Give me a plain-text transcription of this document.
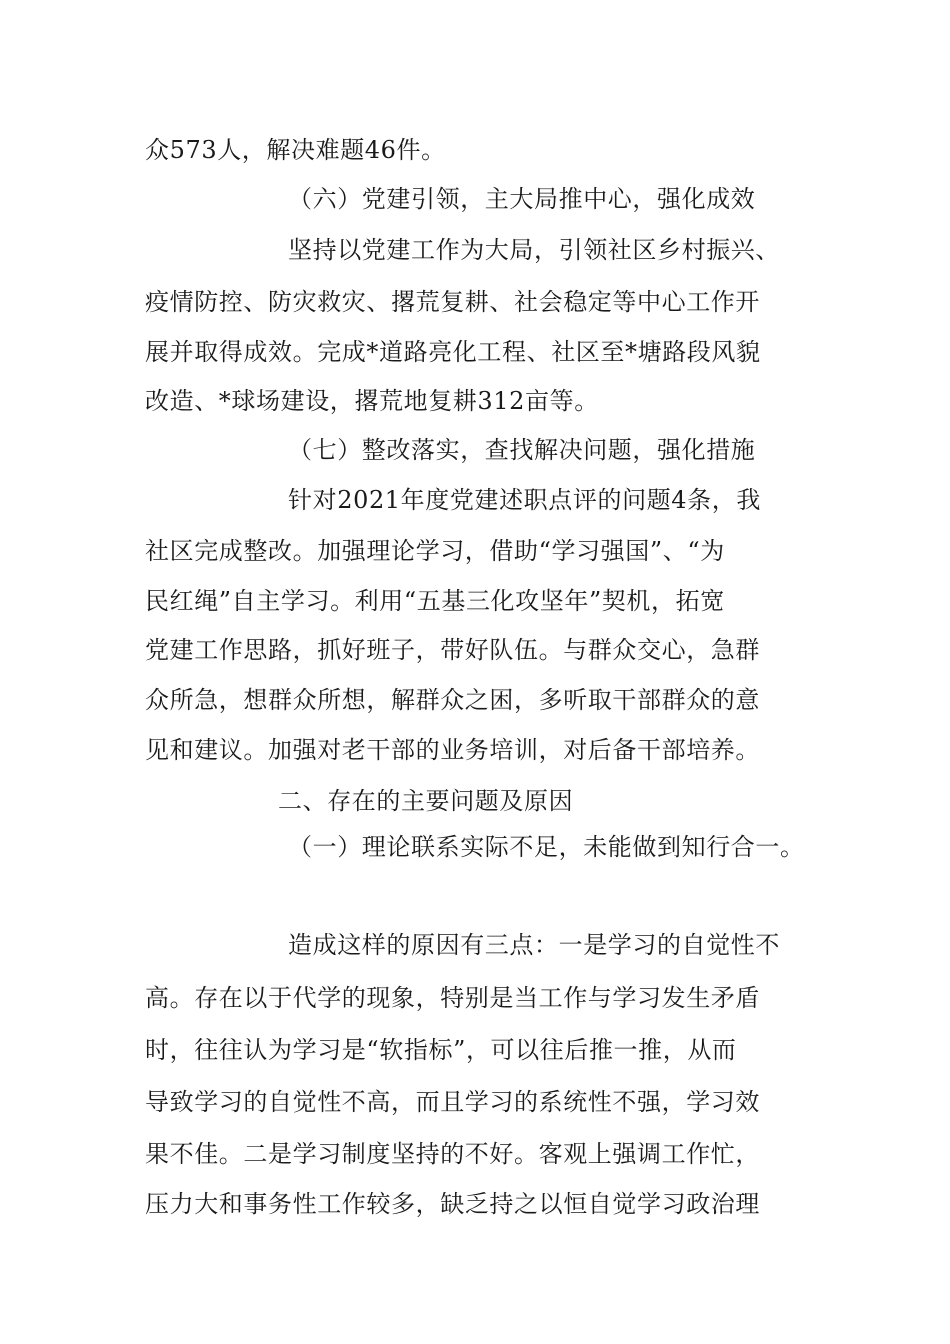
众573人，解决难题46件。
（六）党建引领，主大局推中心，强化成效
坚持以党建工作为大局，引领社区乡村振兴、
疫情防控、防灾救灾、撂荒复耕、社会稳定等中心工作开
展并取得成效。完成*道路亮化工程、社区至*塘路段风貌
改造、*球场建设，撂荒地复耕312亩等。
（七）整改落实，查找解决问题，强化措施
针对2021年度党建述职点评的问题4条，我
社区完成整改。加强理论学习，借助“学习强国”、“为
民红绳”自主学习。利用“五基三化攻坚年”契机，拓宽
党建工作思路，抓好班子，带好队伍。与群众交心，急群
众所急，想群众所想，解群众之困，多听取干部群众的意
见和建议。加强对老干部的业务培训，对后备干部培养。
二、存在的主要问题及原因
（一）理论联系实际不足，未能做到知行合一。
造成这样的原因有三点：一是学习的自觉性不
高。存在以于代学的现象，特别是当工作与学习发生矛盾
时，往往认为学习是“软指标”，可以往后推一推，从而
导致学习的自觉性不高，而且学习的系统性不强，学习效
果不佳。二是学习制度坚持的不好。客观上强调工作忙，
压力大和事务性工作较多，缺乏持之以恒自觉学习政治理
